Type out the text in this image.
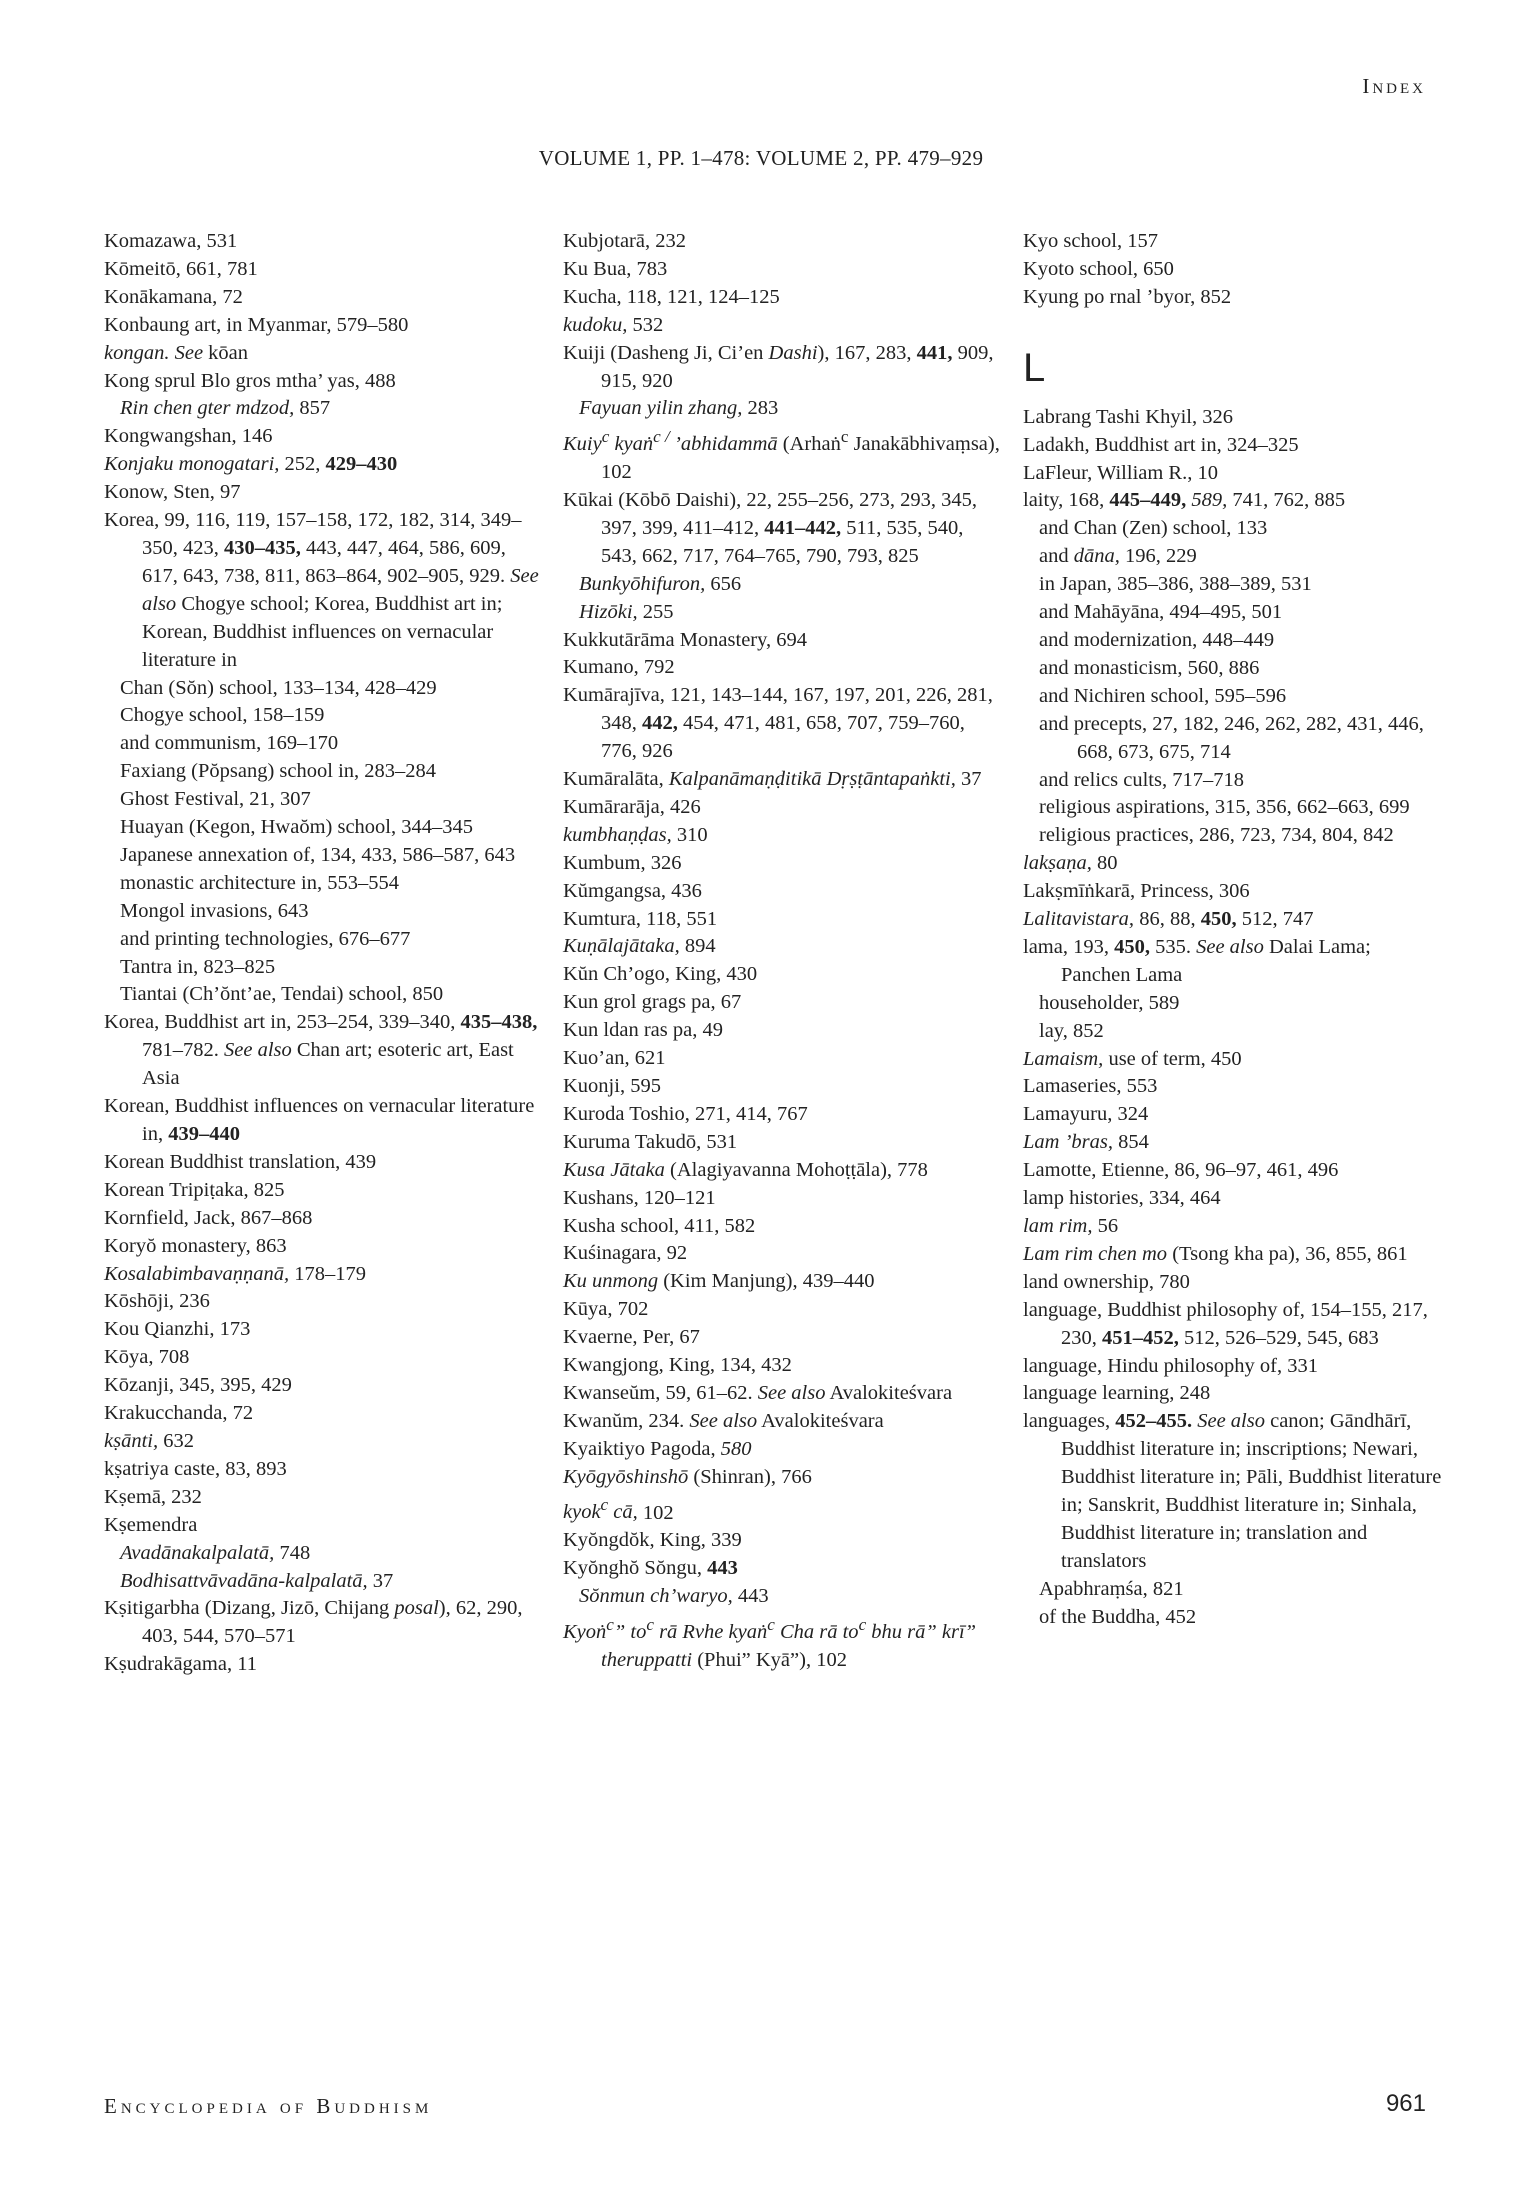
Index
VOLUME 1, PP. 1–478: VOLUME 2, PP. 479–929
Komazawa, 531
Kōmeitō, 661, 781
Konākamana, 72
Konbaung art, in Myanmar, 579–580
kongan. See kōan
Kong sprul Blo gros mtha’ yas, 488
Rin chen gter mdzod, 857
Kongwangshan, 146
Konjaku monogatari, 252, 429–430
Konow, Sten, 97
Korea, 99, 116, 119, 157–158, 172, 182, 314, 349–350, 423, 430–435, 443, 447, 464, 586, 609, 617, 643, 738, 811, 863–864, 902–905, 929. See also Chogye school; Korea, Buddhist art in; Korean, Buddhist influences on vernacular literature in
Chan (Sŏn) school, 133–134, 428–429
Chogye school, 158–159
and communism, 169–170
Faxiang (Pŏpsang) school in, 283–284
Ghost Festival, 21, 307
Huayan (Kegon, Hwaŏm) school, 344–345
Japanese annexation of, 134, 433, 586–587, 643
monastic architecture in, 553–554
Mongol invasions, 643
and printing technologies, 676–677
Tantra in, 823–825
Tiantai (Ch’ŏnt’ae, Tendai) school, 850
Korea, Buddhist art in, 253–254, 339–340, 435–438, 781–782. See also Chan art; esoteric art, East Asia
Korean, Buddhist influences on vernacular literature in, 439–440
Korean Buddhist translation, 439
Korean Tripiṭaka, 825
Kornfield, Jack, 867–868
Koryŏ monastery, 863
Kosalabimbavaṇṇanā, 178–179
Kōshōji, 236
Kou Qianzhi, 173
Kōya, 708
Kōzanji, 345, 395, 429
Krakucchanda, 72
kṣānti, 632
kṣatriya caste, 83, 893
Kṣemā, 232
Kṣemendra
Avadānakalpalatā, 748
Bodhisattvāvadāna-kalpalatā, 37
Kṣitigarbha (Dizang, Jizō, Chijang posal), 62, 290, 403, 544, 570–571
Kṣudrakāgama, 11
Kubjotarā, 232
Ku Bua, 783
Kucha, 118, 121, 124–125
kudoku, 532
Kuiji (Dasheng Ji, Ci’en Dashi), 167, 283, 441, 909, 915, 920
Fayuan yilin zhang, 283
Kuiy$^c$ kyaṅ$^{c /}$ ’abhidammā (Arhaṅ$^c$ Janakābhivaṃsa), 102
Kūkai (Kōbō Daishi), 22, 255–256, 273, 293, 345, 397, 399, 411–412, 441–442, 511, 535, 540, 543, 662, 717, 764–765, 790, 793, 825
Bunkyōhifuron, 656
Hizōki, 255
Kukkutārāma Monastery, 694
Kumano, 792
Kumārajīva, 121, 143–144, 167, 197, 201, 226, 281, 348, 442, 454, 471, 481, 658, 707, 759–760, 776, 926
Kumāralāta, Kalpanāmaṇḍitikā Dṛṣṭāntapaṅkti, 37
Kumārarāja, 426
kumbhaṇḍas, 310
Kumbum, 326
Kŭmgangsa, 436
Kumtura, 118, 551
Kuṇālajātaka, 894
Kŭn Ch’ogo, King, 430
Kun grol grags pa, 67
Kun ldan ras pa, 49
Kuo’an, 621
Kuonji, 595
Kuroda Toshio, 271, 414, 767
Kuruma Takudō, 531
Kusa Jātaka (Alagiyavanna Mohoṭṭāla), 778
Kushans, 120–121
Kusha school, 411, 582
Kuśinagara, 92
Ku unmong (Kim Manjung), 439–440
Kūya, 702
Kvaerne, Per, 67
Kwangjong, King, 134, 432
Kwanseŭm, 59, 61–62. See also Avalokiteśvara
Kwanŭm, 234. See also Avalokiteśvara
Kyaiktiyo Pagoda, 580
Kyōgyōshinshō (Shinran), 766
kyok$^c$ cā, 102
Kyŏngdŏk, King, 339
Kyŏnghŏ Sŏngu, 443
Sŏnmun ch’waryo, 443
Kyoṅ$^c$” $to^c$ rā Rvhe kyaṅ$^c$ Cha rā $to^c$ bhu rā” krī” theruppatti (Phui” Kyā”), 102
Kyo school, 157
Kyoto school, 650
Kyung po rnal ’byor, 852
L
Labrang Tashi Khyil, 326
Ladakh, Buddhist art in, 324–325
LaFleur, William R., 10
laity, 168, 445–449, 589, 741, 762, 885
and Chan (Zen) school, 133
and dāna, 196, 229
in Japan, 385–386, 388–389, 531
and Mahāyāna, 494–495, 501
and modernization, 448–449
and monasticism, 560, 886
and Nichiren school, 595–596
and precepts, 27, 182, 246, 262, 282, 431, 446, 668, 673, 675, 714
and relics cults, 717–718
religious aspirations, 315, 356, 662–663, 699
religious practices, 286, 723, 734, 804, 842
lakṣaṇa, 80
Lakṣmīṅkarā, Princess, 306
Lalitavistara, 86, 88, 450, 512, 747
lama, 193, 450, 535. See also Dalai Lama; Panchen Lama
householder, 589
lay, 852
Lamaism, use of term, 450
Lamaseries, 553
Lamayuru, 324
Lam ’bras, 854
Lamotte, Etienne, 86, 96–97, 461, 496
lamp histories, 334, 464
lam rim, 56
Lam rim chen mo (Tsong kha pa), 36, 855, 861
land ownership, 780
language, Buddhist philosophy of, 154–155, 217, 230, 451–452, 512, 526–529, 545, 683
language, Hindu philosophy of, 331
language learning, 248
languages, 452–455. See also canon; Gāndhārī, Buddhist literature in; inscriptions; Newari, Buddhist literature in; Pāli, Buddhist literature in; Sanskrit, Buddhist literature in; Sinhala, Buddhist literature in; translation and translators
Apabhraṃśa, 821
of the Buddha, 452
Encyclopedia of Buddhism	961
